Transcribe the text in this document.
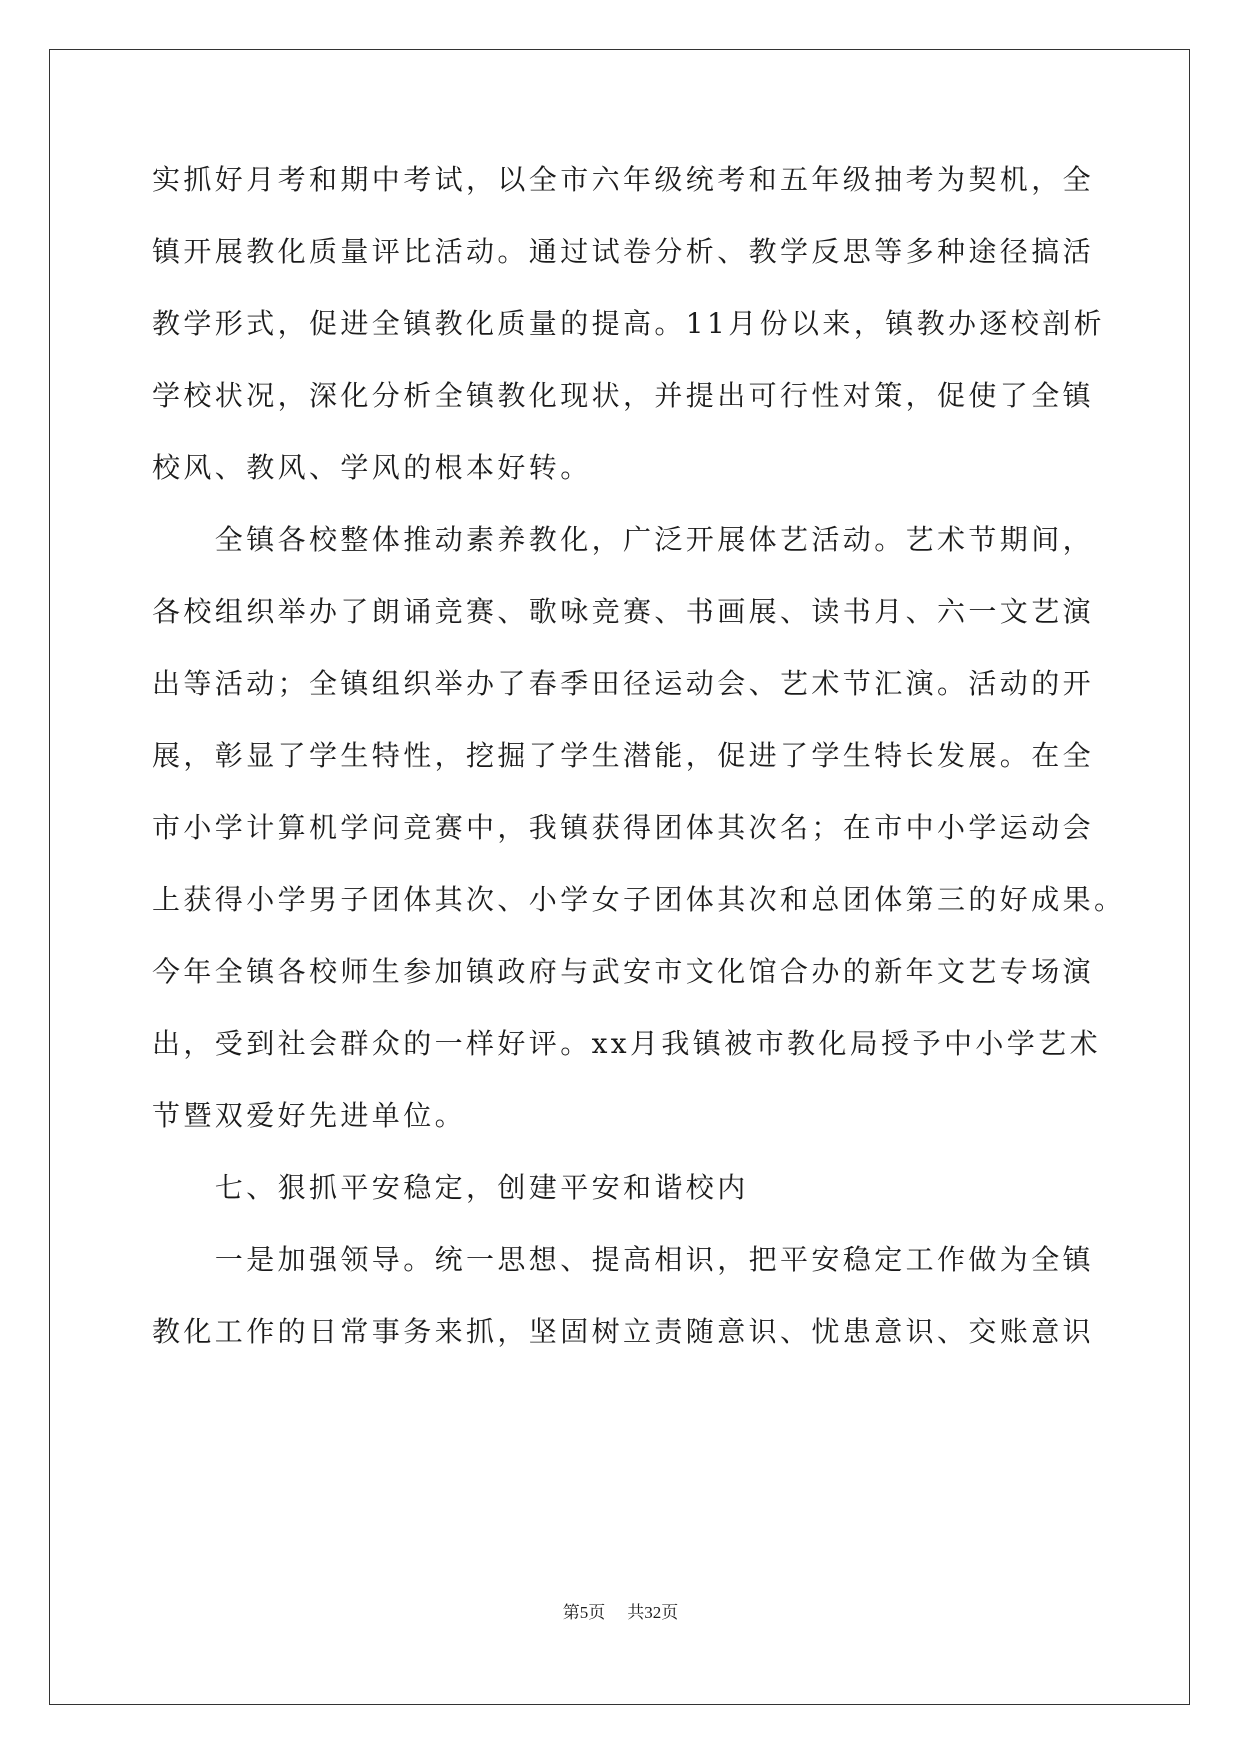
实抓好月考和期中考试，以全市六年级统考和五年级抽考为契机，全
镇开展教化质量评比活动。通过试卷分析、教学反思等多种途径搞活
教学形式，促进全镇教化质量的提高。11月份以来，镇教办逐校剖析
学校状况，深化分析全镇教化现状，并提出可行性对策，促使了全镇
校风、教风、学风的根本好转。
　　全镇各校整体推动素养教化，广泛开展体艺活动。艺术节期间，
各校组织举办了朗诵竞赛、歌咏竞赛、书画展、读书月、六一文艺演
出等活动；全镇组织举办了春季田径运动会、艺术节汇演。活动的开
展，彰显了学生特性，挖掘了学生潜能，促进了学生特长发展。在全
市小学计算机学问竞赛中，我镇获得团体其次名；在市中小学运动会
上获得小学男子团体其次、小学女子团体其次和总团体第三的好成果。
今年全镇各校师生参加镇政府与武安市文化馆合办的新年文艺专场演
出，受到社会群众的一样好评。xx月我镇被市教化局授予中小学艺术
节暨双爱好先进单位。
　　七、狠抓平安稳定，创建平安和谐校内
　　一是加强领导。统一思想、提高相识，把平安稳定工作做为全镇
教化工作的日常事务来抓，坚固树立责随意识、忧患意识、交账意识
第5页 共32页
